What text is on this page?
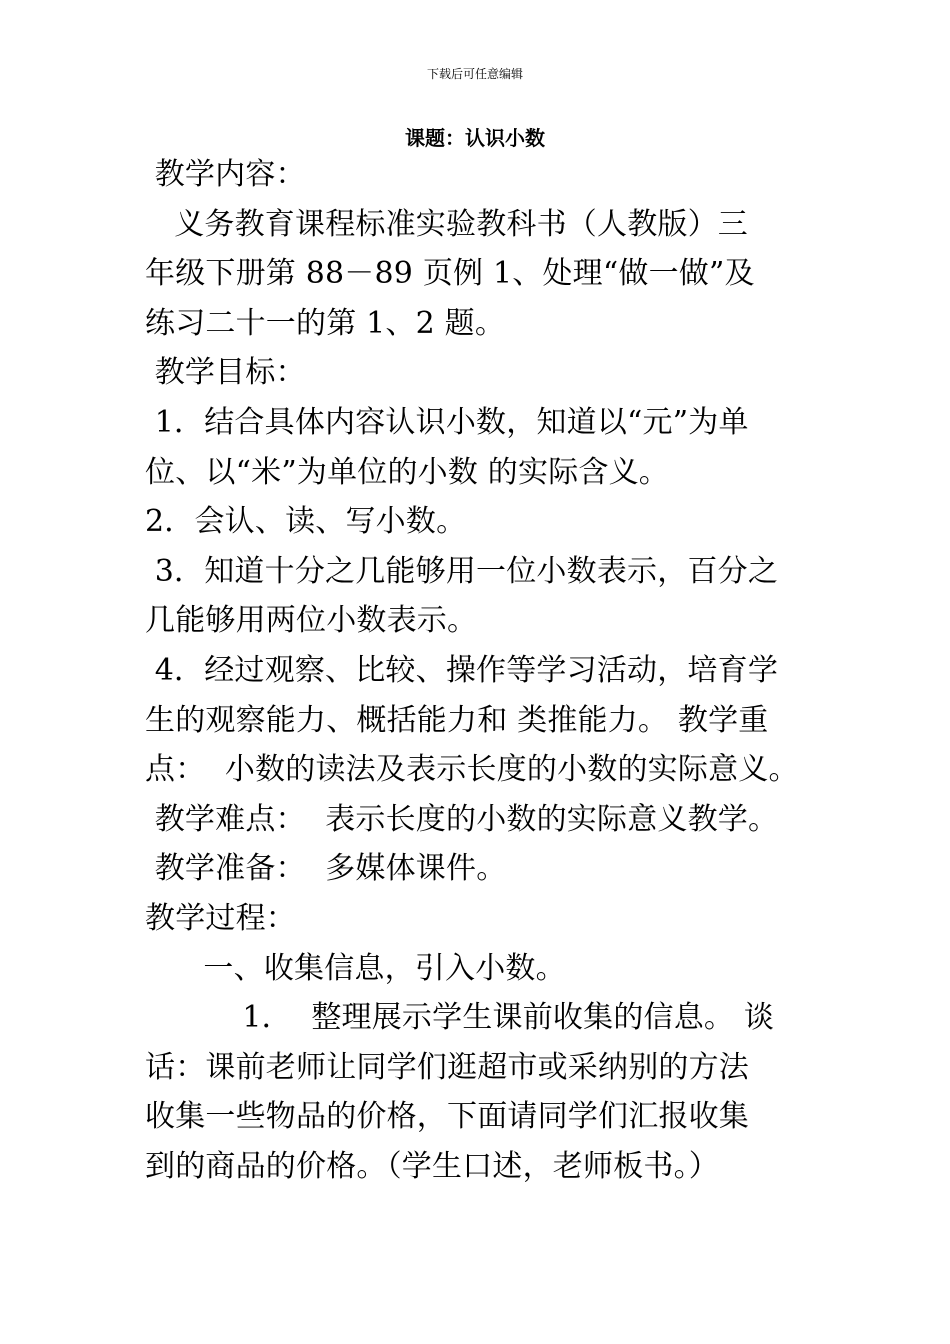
下载后可任意编辑
课题：认识小数
教学内容：
义务教育课程标准实验教科书（人教版）三
年级下册第 88－89 页例 1、处理“做一做”及
练习二十一的第 1、2 题。
教学目标：
1．结合具体内容认识小数，知道以“元”为单
位、以“米”为单位的小数 的实际含义。
2．会认、读、写小数。
3．知道十分之几能够用一位小数表示，百分之
几能够用两位小数表示。
4．经过观察、比较、操作等学习活动，培育学
生的观察能力、概括能力和 类推能力。 教学重
点：  小数的读法及表示长度的小数的实际意义。
教学难点：  表示长度的小数的实际意义教学。
教学准备：  多媒体课件。
教学过程：
一、收集信息，引入小数。
1．  整理展示学生课前收集的信息。 谈
话：课前老师让同学们逛超市或采纳别的方法
收集一些物品的价格，下面请同学们汇报收集
到的商品的价格。（学生口述，老师板书。）
